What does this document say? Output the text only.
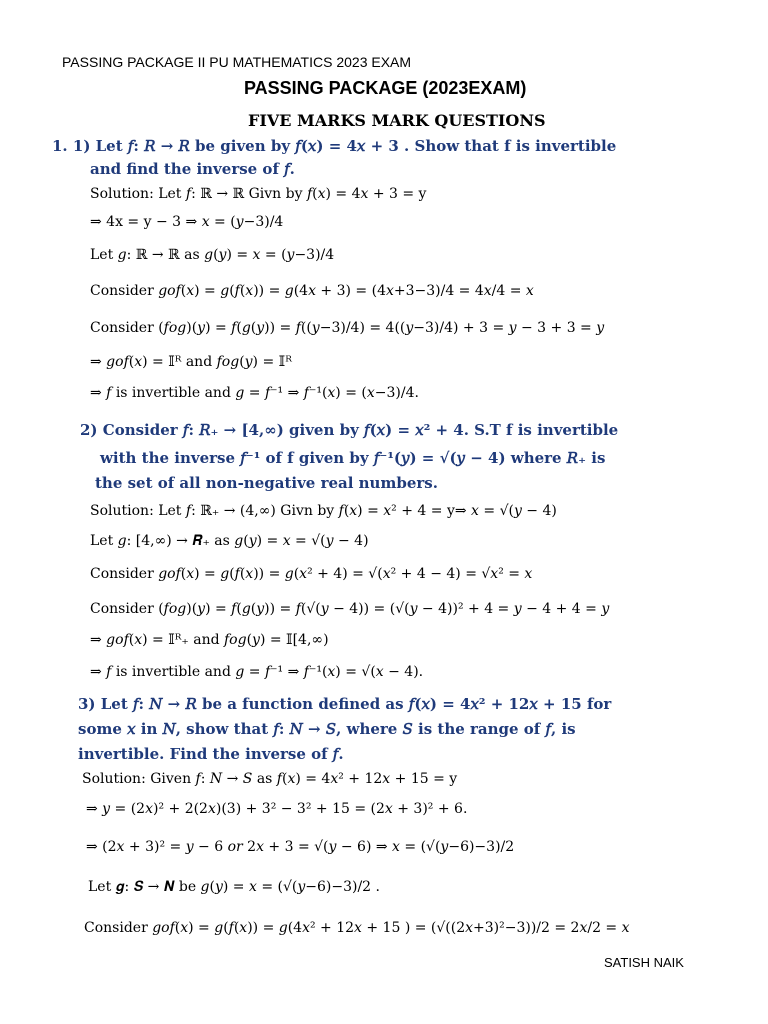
PASSING PACKAGE II PU MATHEMATICS 2023 EXAM
PASSING PACKAGE (2023EXAM)
FIVE MARKS MARK QUESTIONS
1. 1) Let 𝑓: 𝑅 → 𝑅 be given by 𝑓(𝑥) = 4𝑥 + 3 . Show that f is invertible
and find the inverse of 𝑓.
Solution: Let 𝑓: ℝ → ℝ Givn by 𝑓(𝑥) = 4𝑥 + 3 = y
⇒ 4x = y − 3 ⇒ 𝑥 = (𝑦−3)/4
Let 𝑔: ℝ → ℝ as 𝑔(𝑦) = 𝑥 = (𝑦−3)/4
Consider 𝑔𝑜𝑓(𝑥) = 𝑔(𝑓(𝑥)) = 𝑔(4𝑥 + 3) = (4𝑥+3−3)/4 = 4𝑥/4 = 𝑥
Consider (𝑓𝑜𝑔)(𝑦) = 𝑓(𝑔(𝑦)) = 𝑓((𝑦−3)/4) = 4((𝑦−3)/4) + 3 = 𝑦 − 3 + 3 = 𝑦
⇒ 𝑔𝑜𝑓(𝑥) = 𝕀ᴿ and 𝑓𝑜𝑔(𝑦) = 𝕀ᴿ
⇒ 𝑓 is invertible and 𝑔 = 𝑓⁻¹ ⇒ 𝑓⁻¹(𝑥) = (𝑥−3)/4.
2) Consider 𝑓: 𝑅₊ → [4,∞) given by 𝑓(𝑥) = 𝑥² + 4. S.T f is invertible
with the inverse 𝑓⁻¹ of f given by 𝑓⁻¹(𝑦) = √(𝑦 − 4) where 𝑅₊ is
the set of all non-negative real numbers.
Solution: Let 𝑓: ℝ₊ → (4,∞) Givn by 𝑓(𝑥) = 𝑥² + 4 = y⇒ 𝑥 = √(𝑦 − 4)
Let 𝑔: [4,∞) → 𝑹₊ as 𝑔(𝑦) = 𝑥 = √(𝑦 − 4)
Consider 𝑔𝑜𝑓(𝑥) = 𝑔(𝑓(𝑥)) = 𝑔(𝑥² + 4) = √(𝑥² + 4 − 4) = √𝑥² = 𝑥
Consider (𝑓𝑜𝑔)(𝑦) = 𝑓(𝑔(𝑦)) = 𝑓(√(𝑦 − 4)) = (√(𝑦 − 4))² + 4 = 𝑦 − 4 + 4 = 𝑦
⇒ 𝑔𝑜𝑓(𝑥) = 𝕀ᴿ₊ and 𝑓𝑜𝑔(𝑦) = 𝕀[4,∞)
⇒ 𝑓 is invertible and 𝑔 = 𝑓⁻¹ ⇒ 𝑓⁻¹(𝑥) = √(𝑥 − 4).
3) Let 𝑓: 𝑁 → 𝑅 be a function defined as 𝑓(𝑥) = 4𝑥² + 12𝑥 + 15 for
some 𝑥 in 𝑁, show that 𝑓: 𝑁 → 𝑆, where 𝑆 is the range of 𝑓, is
invertible. Find the inverse of 𝑓.
Solution: Given 𝑓: 𝑁 → 𝑆 as 𝑓(𝑥) = 4𝑥² + 12𝑥 + 15 = y
⇒ 𝑦 = (2𝑥)² + 2(2𝑥)(3) + 3² − 3² + 15 = (2𝑥 + 3)² + 6.
⇒ (2𝑥 + 3)² = 𝑦 − 6 𝑜𝑟 2𝑥 + 3 = √(𝑦 − 6) ⇒ 𝑥 = (√(𝑦−6)−3)/2
Let 𝒈: 𝑺 → 𝑵 be 𝑔(𝑦) = 𝑥 = (√(𝑦−6)−3)/2 .
Consider 𝑔𝑜𝑓(𝑥) = 𝑔(𝑓(𝑥)) = 𝑔(4𝑥² + 12𝑥 + 15 ) = (√((2𝑥+3)²−3))/2 = 2𝑥/2 = 𝑥
SATISH NAIK
